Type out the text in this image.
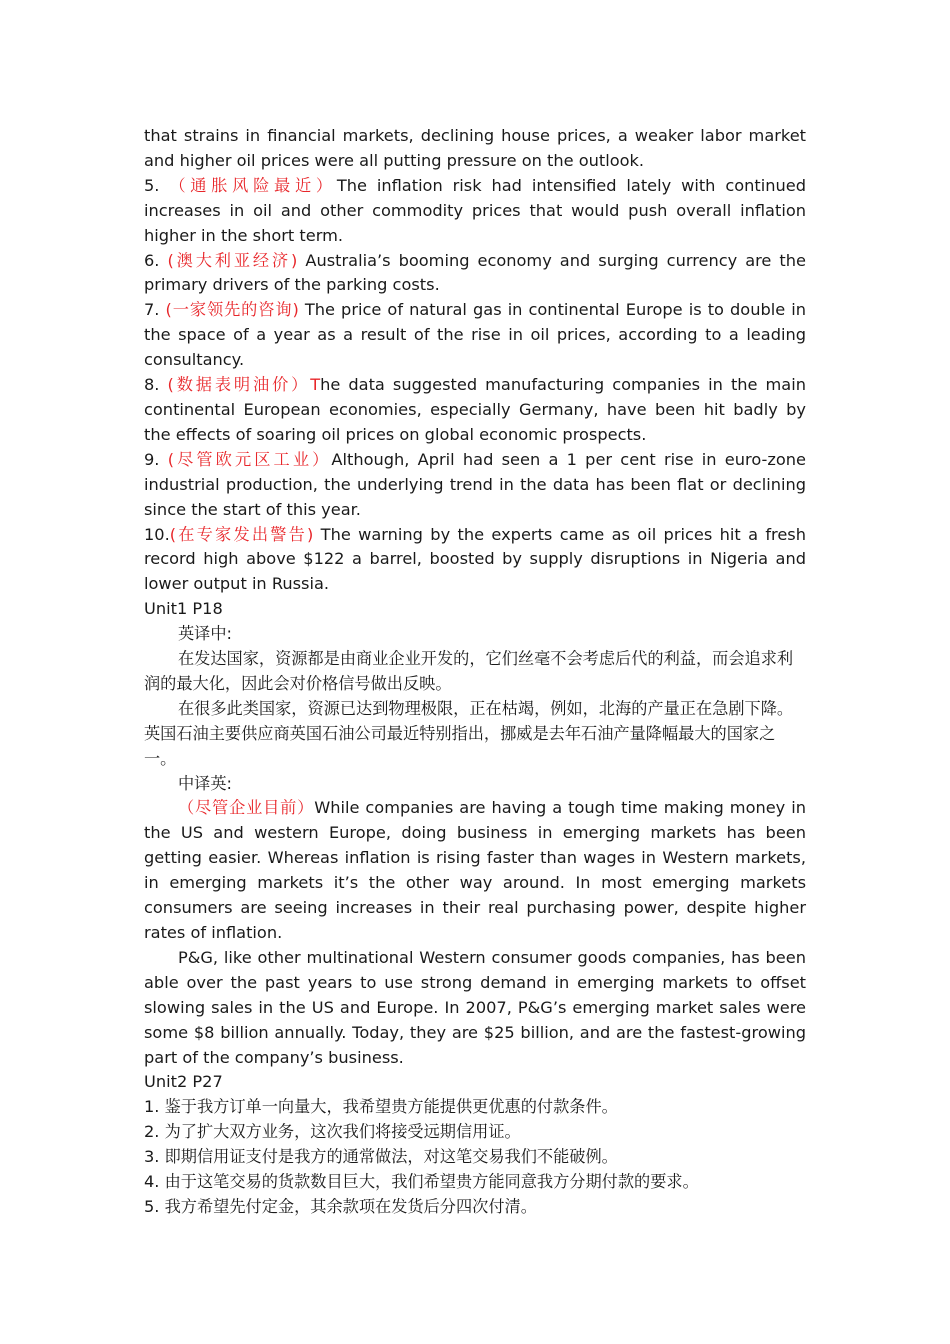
that strains in financial markets, declining house prices, a weaker labor market and higher oil prices were all putting pressure on the outlook.

5. （通胀风险最近）The inflation risk had intensified lately with continued increases in oil and other commodity prices that would push overall inflation higher in the short term.

6. (澳大利亚经济) Australia’s booming economy and surging currency are the primary drivers of the parking costs.

7. (一家领先的咨询) The price of natural gas in continental Europe is to double in the space of a year as a result of the rise in oil prices, according to a leading consultancy.

8. (数据表明油价）The data suggested manufacturing companies in the main continental European economies, especially Germany, have been hit badly by the effects of soaring oil prices on global economic prospects.

9. (尽管欧元区工业）Although, April had seen a 1 per cent rise in euro-zone industrial production, the underlying trend in the data has been flat or declining since the start of this year.

10.(在专家发出警告) The warning by the experts came as oil prices hit a fresh record high above $122 a barrel, boosted by supply disruptions in Nigeria and lower output in Russia.

Unit1 P18

英译中:

在发达国家，资源都是由商业企业开发的，它们丝毫不会考虑后代的利益，而会追求利润的最大化，因此会对价格信号做出反映。

在很多此类国家，资源已达到物理极限，正在枯竭，例如，北海的产量正在急剧下降。英国石油主要供应商英国石油公司最近特别指出，挪威是去年石油产量降幅最大的国家之一。

中译英:

（尽管企业目前）While companies are having a tough time making money in the US and western Europe, doing business in emerging markets has been getting easier. Whereas inflation is rising faster than wages in Western markets, in emerging markets it’s the other way around. In most emerging markets consumers are seeing increases in their real purchasing power, despite higher rates of inflation.

P&G, like other multinational Western consumer goods companies, has been able over the past years to use strong demand in emerging markets to offset slowing sales in the US and Europe. In 2007, P&G’s emerging market sales were some $8 billion annually. Today, they are $25 billion, and are the fastest-growing part of the company’s business.

Unit2 P27

1. 鉴于我方订单一向量大，我希望贵方能提供更优惠的付款条件。

2. 为了扩大双方业务，这次我们将接受远期信用证。

3. 即期信用证支付是我方的通常做法，对这笔交易我们不能破例。

4. 由于这笔交易的货款数目巨大，我们希望贵方能同意我方分期付款的要求。

5. 我方希望先付定金，其余款项在发货后分四次付清。
